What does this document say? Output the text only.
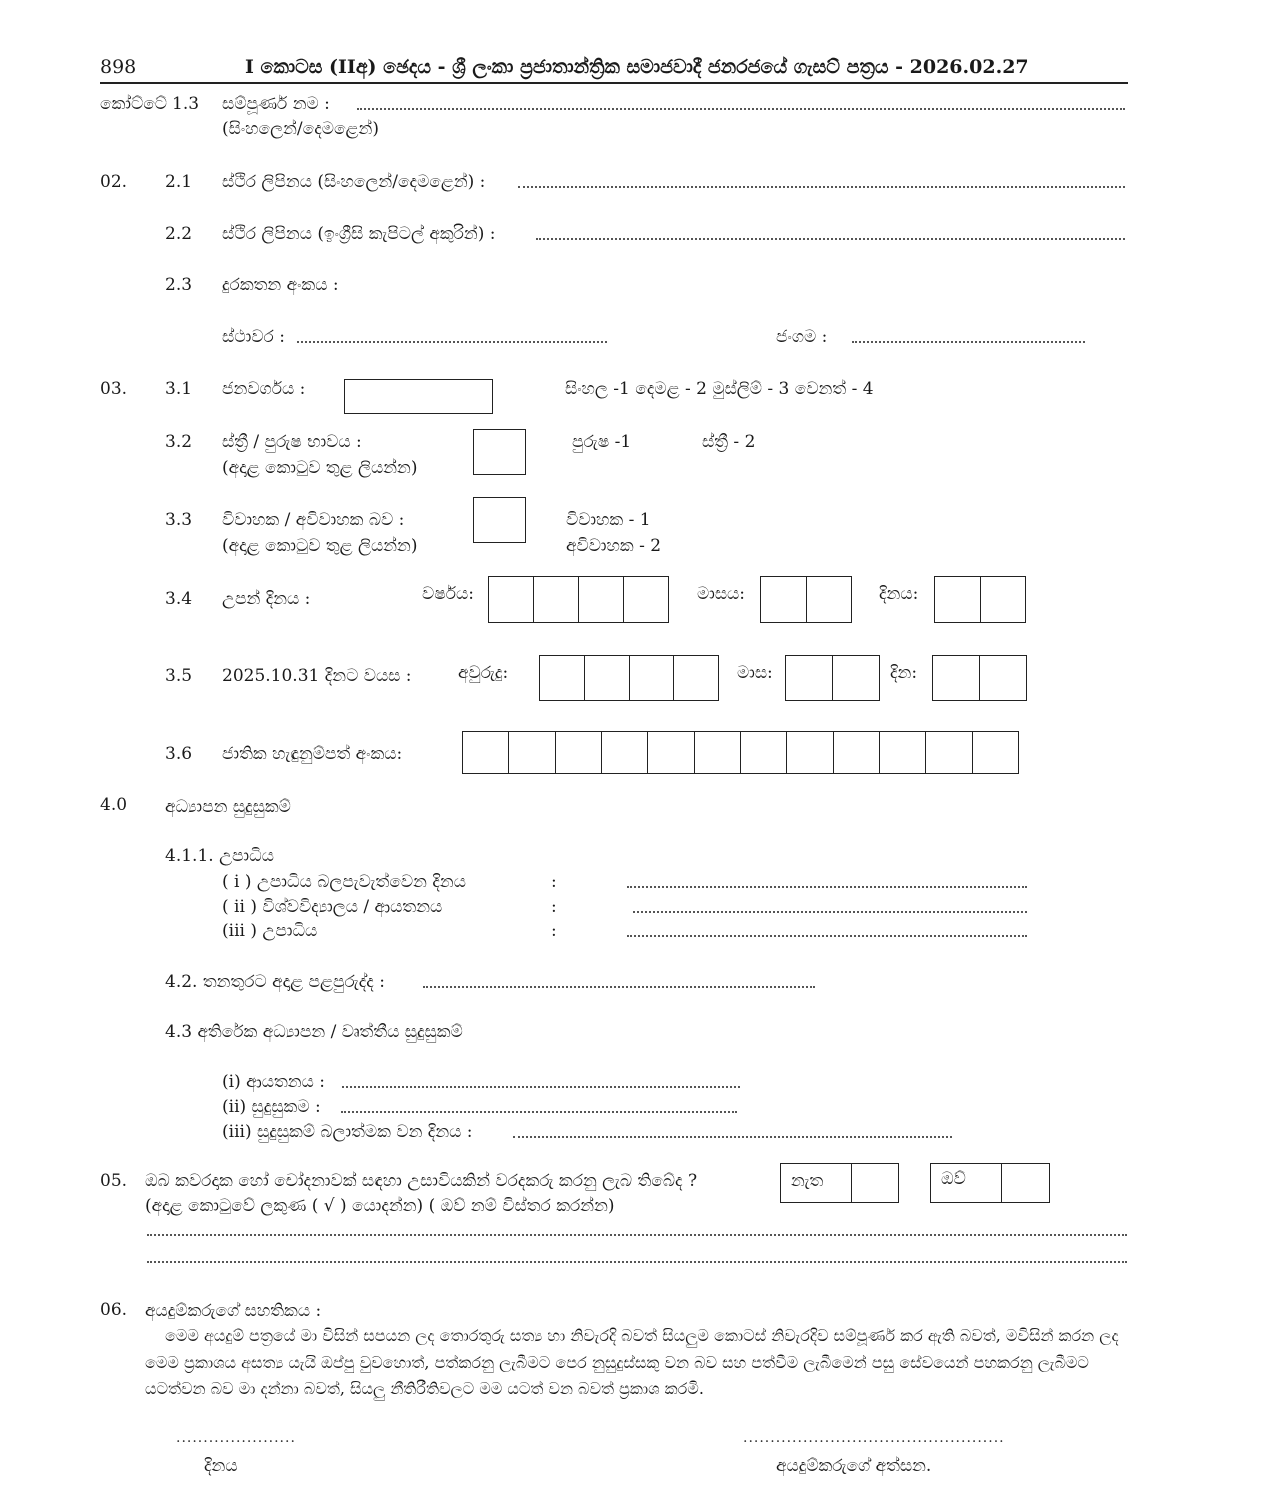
898	I කොටස (IIඅ) ඡෙදය - ශ්‍රී ලංකා ප්‍රජාතාන්ත්‍රික සමාජවාදී ජනරජයේ ගැසට් පත්‍රය - 2026.02.27
කෝට්ටේ 1.3 සම්පූර්ණ නම :
(සිංහලෙන්/දෙමළෙන්)
02. 2.1 ස්ථිර ලිපිනය (සිංහලෙන්/දෙමළෙන්) :
2.2 ස්ථිර ලිපිනය (ඉංග්‍රීසි කැපිටල් අකුරින්) :
2.3 දුරකතන අංකය :
ස්ථාවර :	ජංගම :
03. 3.1 ජනවර්ගය :	සිංහල -1 දෙමළ - 2 මුස්ලිම් - 3 වෙනත් - 4
3.2 ස්ත්‍රී / පුරුෂ භාවය :
(අදාළ කොටුව තුළ ලියන්න)
පුරුෂ -1	ස්ත්‍රී - 2
3.3 විවාහක / අවිවාහක බව :
(අදාළ කොටුව තුළ ලියන්න)
විවාහක - 1
අවිවාහක - 2
3.4 උපන් දිනය :	වර්ෂය:	මාසය:	දිනය:
3.5 2025.10.31 දිනට වයස :	අවුරුදු:	මාස:	දින:
3.6 ජාතික හැඳුනුම්පත් අංකය:
4.0 අධ්‍යාපන සුදුසුකම්
4.1.1. උපාධිය
( i ) උපාධිය බලපැවැත්වෙන දිනය	:
( ii ) විශ්වවිද්‍යාලය / ආයතනය	:
(iii ) උපාධිය	:
4.2. තනතුරට අදාළ පළපුරුද්ද :
4.3 අතිරේක අධ්‍යාපන / වෘත්තීය සුදුසුකම්
(i) ආයතනය :
(ii) සුදුසුකම :
(iii) සුදුසුකම් බලාත්මක වන දිනය :
05. ඔබ කවරදාක හෝ චෝදනාවක් සඳහා උසාවියකින් වරදකරු කරනු ලැබ තිබේද ?
(අදාළ කොටුවේ ලකුණ ( √ ) යොදන්න) ( ඔව් නම් විස්තර කරන්න)
නැත	ඔව්
06. අයදුම්කරුගේ සහතිකය :
මෙම අයදුම් පත්‍රයේ මා විසින් සපයන ලද තොරතුරු සත්‍ය හා නිවැරදි බවත් සියලුම කොටස් නිවැරදිව සම්පූර්ණ කර ඇති බවත්, මවිසින් කරන ලද මෙම ප්‍රකාශය අසත්‍ය යැයි ඔප්පු වුවහොත්, පත්කරනු ලැබීමට පෙර නුසුදුස්සකු වන බව සහ පත්වීම ලැබීමෙන් පසු සේවයෙන් පහකරනු ලැබීමට යටත්වන බව මා දන්නා බවත්, සියලු නීතිරීතිවලට මම යටත් වන බවත් ප්‍රකාශ කරමි.
......................
දිනය
................................................
අයදුම්කරුගේ අත්සන.
